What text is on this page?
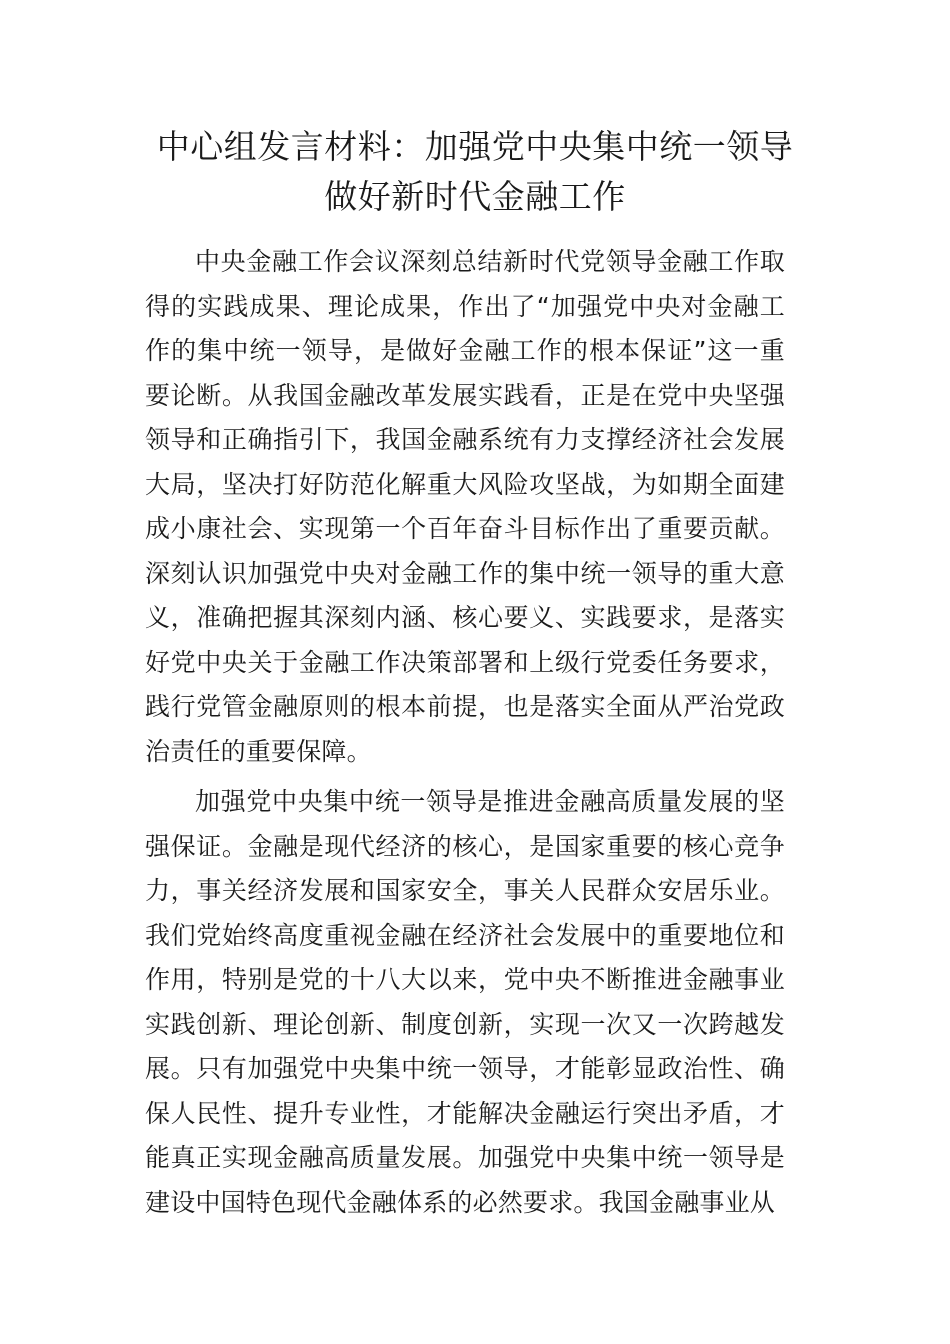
中心组发言材料：加强党中央集中统一领导做好新时代金融工作

中央金融工作会议深刻总结新时代党领导金融工作取得的实践成果、理论成果，作出了“加强党中央对金融工作的集中统一领导，是做好金融工作的根本保证”这一重要论断。从我国金融改革发展实践看，正是在党中央坚强领导和正确指引下，我国金融系统有力支撑经济社会发展大局，坚决打好防范化解重大风险攻坚战，为如期全面建成小康社会、实现第一个百年奋斗目标作出了重要贡献。深刻认识加强党中央对金融工作的集中统一领导的重大意义，准确把握其深刻内涵、核心要义、实践要求，是落实好党中央关于金融工作决策部署和上级行党委任务要求，践行党管金融原则的根本前提，也是落实全面从严治党政治责任的重要保障。

加强党中央集中统一领导是推进金融高质量发展的坚强保证。金融是现代经济的核心，是国家重要的核心竞争力，事关经济发展和国家安全，事关人民群众安居乐业。我们党始终高度重视金融在经济社会发展中的重要地位和作用，特别是党的十八大以来，党中央不断推进金融事业实践创新、理论创新、制度创新，实现一次又一次跨越发展。只有加强党中央集中统一领导，才能彰显政治性、确保人民性、提升专业性，才能解决金融运行突出矛盾，才能真正实现金融高质量发展。加强党中央集中统一领导是建设中国特色现代金融体系的必然要求。我国金融事业从
